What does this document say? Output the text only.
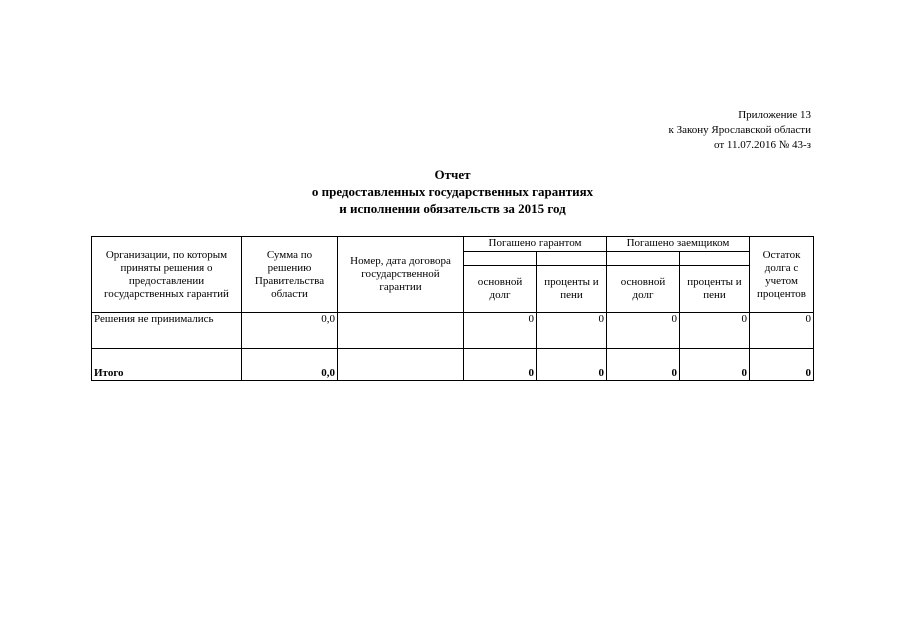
Приложение 13
к Закону Ярославской области
от 11.07.2016 № 43-з
Отчет
о предоставленных государственных гарантиях
и исполнении обязательств за 2015 год
Организации, по которым приняты решения о предоставлении государственных гарантий	Сумма по решению Правительства области	Номер, дата договора государственной гарантии	Погашено гарантом		Погашено заемщиком		Остаток долга с учетом процентов

			основной долг	проценты и пени	основной долг	проценты и пени	
Решения не принимались	0,0		0	0	0	0	0
Итого	0,0		0	0	0	0	0
